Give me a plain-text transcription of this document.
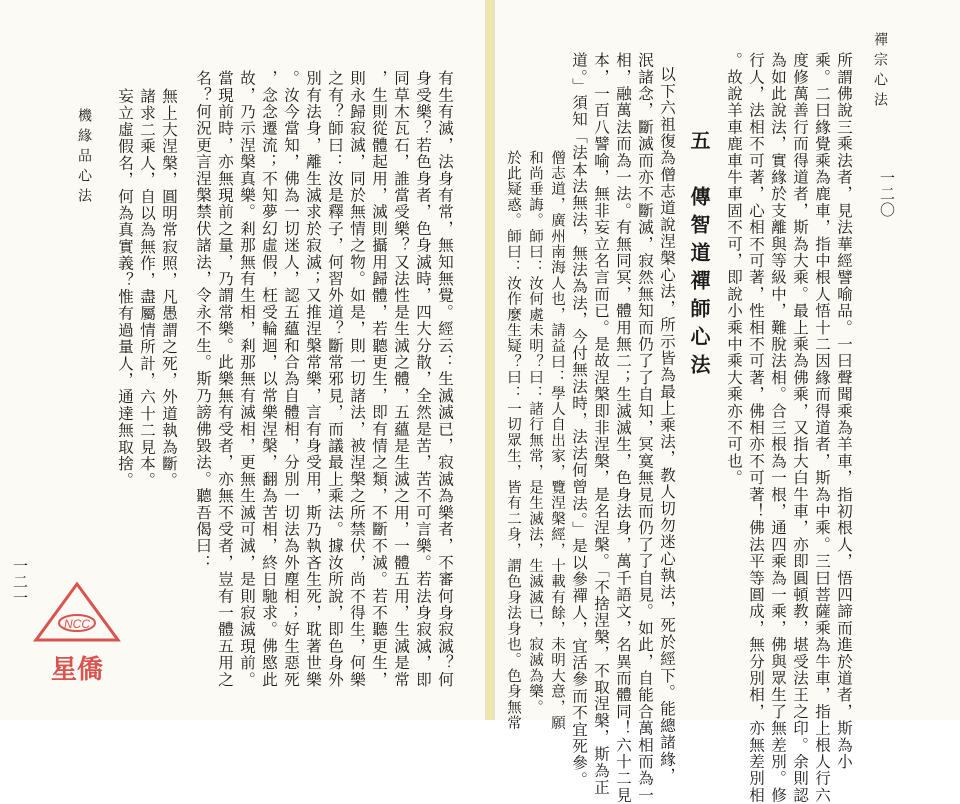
機緣品心法
一二一	有生有滅，法身有常，無知無覺。經云：生滅滅已，寂滅為樂者，不審何身寂滅？何
身受樂？若色身者，色身滅時，四大分散，全然是苦，苦不可言樂。若法身寂滅，即
同草木瓦石，誰當受樂？又法性是生滅之體，五蘊是生滅之用，一體五用，生滅是常
，生則從體起用，滅則攝用歸體，若聽更生，即有情之類，不斷不滅。若不聽更生，
則永歸寂滅，同於無情之物。如是，則一切諸法，被涅槃之所禁伏，尚不得生，何樂
之有？師曰：汝是釋子，何習外道？斷常邪見，而議最上乘法。據汝所說，即色身外
別有法身，離生滅求於寂滅；又推涅槃常樂，言有身受用，斯乃執吝生死，耽著世樂
。汝今當知，佛為一切迷人，認五蘊和合為自體相，分別一切法為外塵相；好生惡死
，念念遷流；不知夢幻虛假，枉受輪迴，以常樂涅槃，翻為苦相，終日馳求。佛愍此
故，乃示涅槃真樂。剎那無有生相，剎那無有滅相，更無生滅可滅，是則寂滅現前。
當現前時，亦無現前之量，乃謂常樂。此樂無有受者，亦無不受者，豈有一體五用之
名？何況更言涅槃禁伏諸法，令永不生。斯乃謗佛毀法。聽吾偈曰：
無上大涅槃，圓明常寂照，凡愚謂之死，外道執為斷。
諸求二乘人，自以為無作，盡屬情所計，六十二見本。
妄立虛假名，何為真實義？惟有過量人，通達無取捨。
NCC
星僑
禪宗心法
一二〇
五　傳智道禪師心法	所謂佛說三乘法者，見法華經譬喻品。一曰聲聞乘為羊車，指初根人，悟四諦而進於道者，斯為小
乘。二曰緣覺乘為鹿車，指中根人悟十二因緣而得道者，斯為中乘。三曰菩薩乘為牛車，指上根人行六
度修萬善行而得道者，斯為大乘。最上乘為佛乘，又指大白牛車，亦即圓頓教，堪受法王之印。余則認
為如此說法，實緣於支離與等級中，難脫法相。合三根為一根，通四乘為一乘，佛與眾生了無差別。修
行人，法相不可著，心相不可著，性相不可著，佛相亦不可著！佛法平等圓成，無分別相，亦無差別相
。故說羊車鹿車牛車固不可，即說小乘中乘大乘亦不可也。
以下六祖復為僧志道說涅槃心法，所示皆為最上乘法，教人切勿迷心執法，死於經下。能總諸緣，
泯諸念，斷滅而亦不斷滅，寂然無知而仍了了自知，冥寞無見而仍了了自見。如此，自能合萬相而為一
相，融萬法而為一法。有無同冥，體用無二；生滅滅生，色身法身，萬千語文，名異而體同！六十二見
本，一百八譬喻，無非妄立名言而已。是故涅槃即非涅槃，是名涅槃。「不捨涅槃，不取涅槃，斯為正
道。」須知「法本法無法，無法為法，今付無法時，法法何曾法。」是以參禪人，宜活參而不宜死參。
僧志道，廣州南海人也，請益曰：學人自出家，覽涅槃經，十載有餘，未明大意，願
和尚垂誨。師曰：汝何處未明？曰：諸行無常，是生滅法，生滅滅已，寂滅為樂。
於此疑惑。師曰：汝作麼生疑？曰：一切眾生，皆有二身，謂色身法身也。色身無常
